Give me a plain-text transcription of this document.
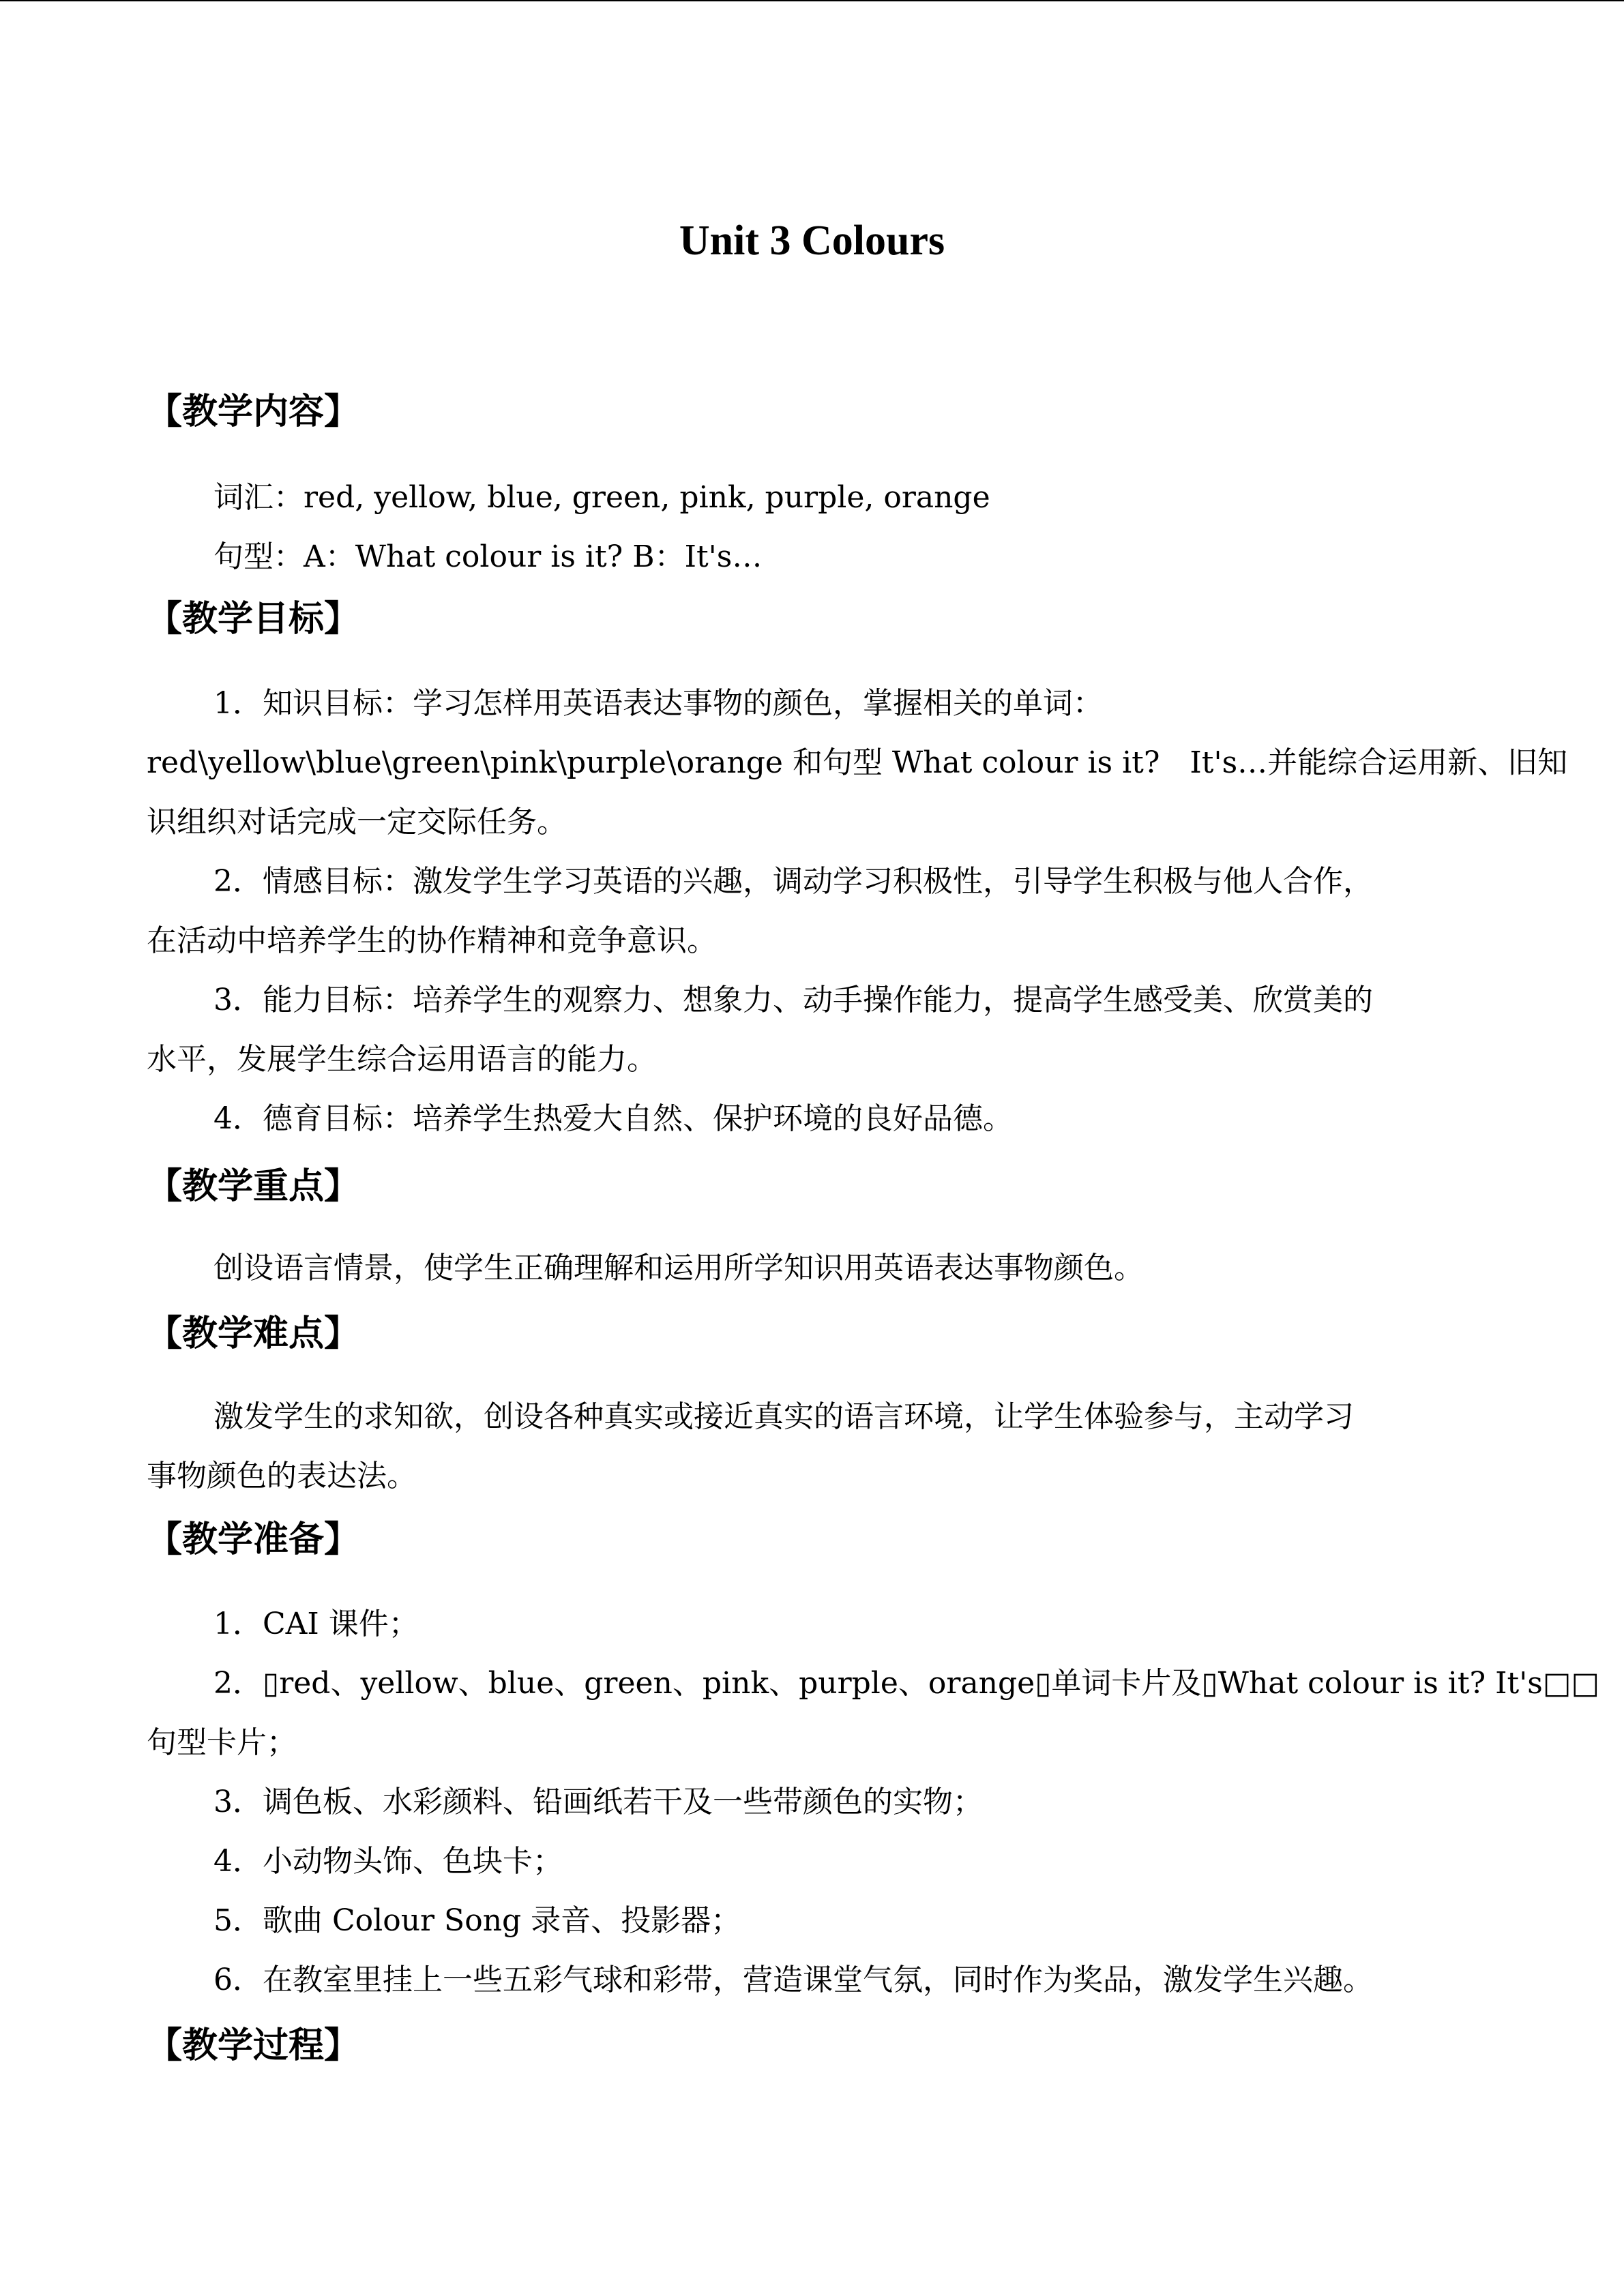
Unit 3 Colours
【教学内容】
词汇：red, yellow, blue, green, pink, purple, orange
句型：A：What colour is it? B：It's…
【教学目标】
1．知识目标：学习怎样用英语表达事物的颜色，掌握相关的单词：
red\yellow\blue\green\pink\purple\orange 和句型 What colour is it?　It's…并能综合运用新、旧知
识组织对话完成一定交际任务。
2．情感目标：激发学生学习英语的兴趣，调动学习积极性，引导学生积极与他人合作，
在活动中培养学生的协作精神和竞争意识。
3．能力目标：培养学生的观察力、想象力、动手操作能力，提高学生感受美、欣赏美的
水平，发展学生综合运用语言的能力。
4．德育目标：培养学生热爱大自然、保护环境的良好品德。
【教学重点】
创设语言情景，使学生正确理解和运用所学知识用英语表达事物颜色。
【教学难点】
激发学生的求知欲，创设各种真实或接近真实的语言环境，让学生体验参与，主动学习
事物颜色的表达法。
【教学准备】
1．CAI 课件；
2．▯red、yellow、blue、green、pink、purple、orange▯单词卡片及▯What colour is it? It's□□
句型卡片；
3．调色板、水彩颜料、铅画纸若干及一些带颜色的实物；
4．小动物头饰、色块卡；
5．歌曲 Colour Song 录音、投影器；
6．在教室里挂上一些五彩气球和彩带，营造课堂气氛，同时作为奖品，激发学生兴趣。
【教学过程】
